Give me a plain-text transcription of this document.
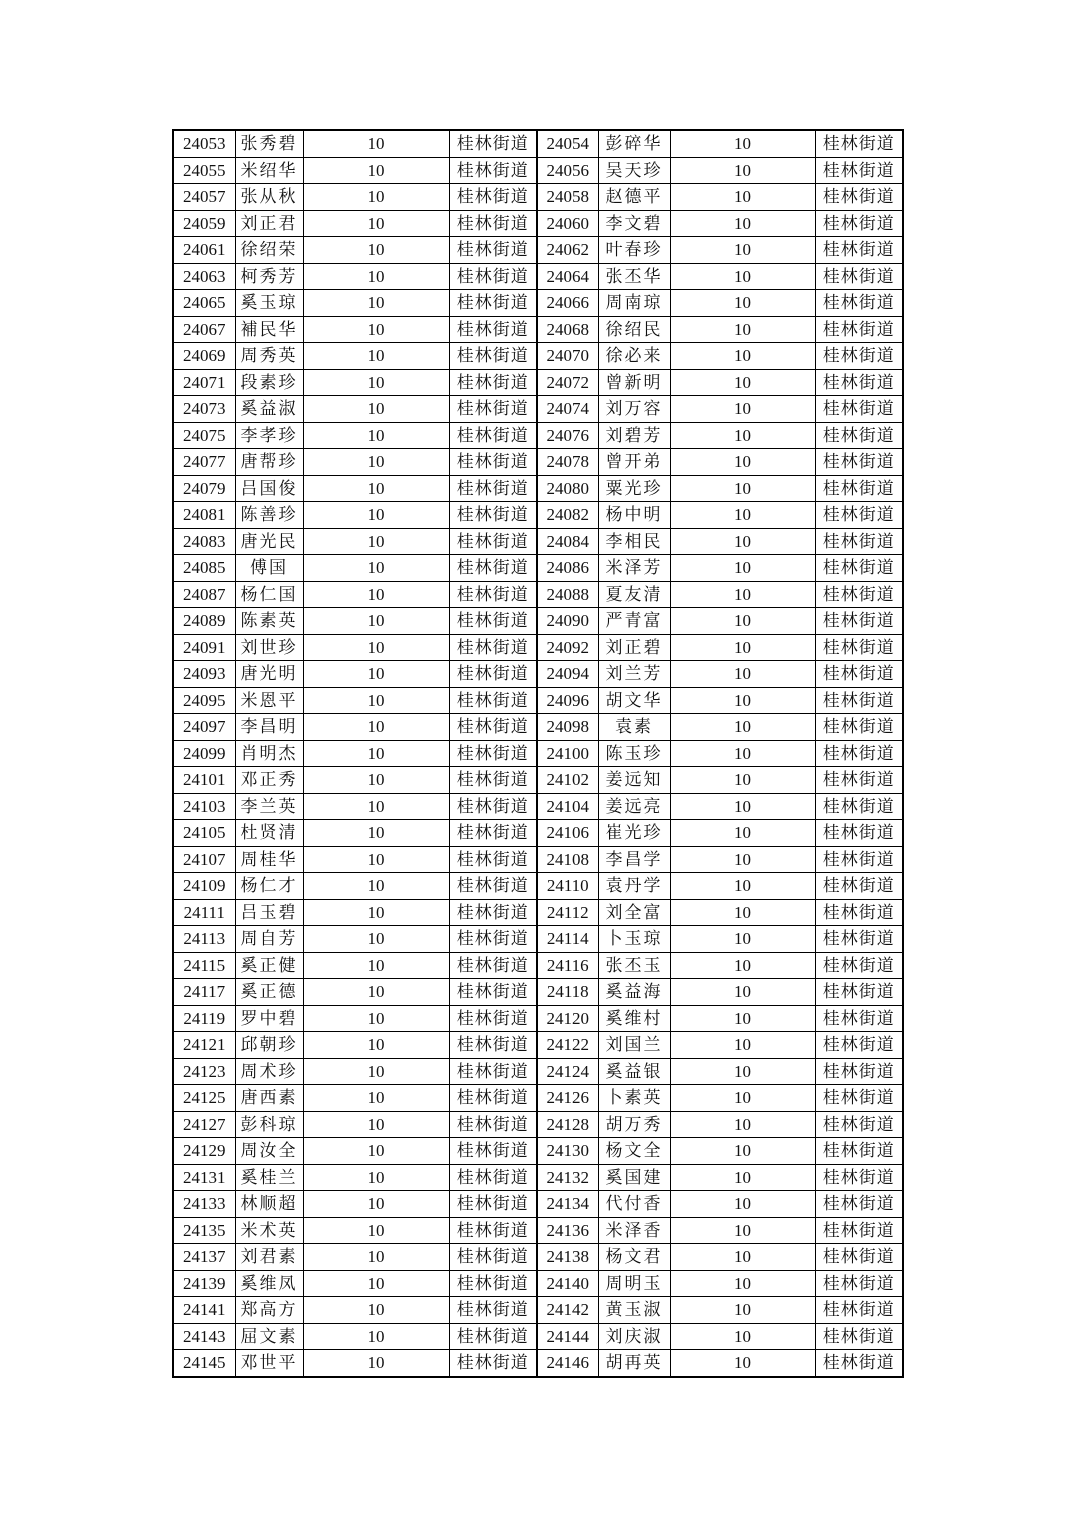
24053	张秀碧	10	桂林街道	24054	彭碎华	10	桂林街道
24055	米绍华	10	桂林街道	24056	吴天珍	10	桂林街道
24057	张从秋	10	桂林街道	24058	赵德平	10	桂林街道
24059	刘正君	10	桂林街道	24060	李文碧	10	桂林街道
24061	徐绍荣	10	桂林街道	24062	叶春珍	10	桂林街道
24063	柯秀芳	10	桂林街道	24064	张丕华	10	桂林街道
24065	奚玉琼	10	桂林街道	24066	周南琼	10	桂林街道
24067	補民华	10	桂林街道	24068	徐绍民	10	桂林街道
24069	周秀英	10	桂林街道	24070	徐必来	10	桂林街道
24071	段素珍	10	桂林街道	24072	曾新明	10	桂林街道
24073	奚益淑	10	桂林街道	24074	刘万容	10	桂林街道
24075	李孝珍	10	桂林街道	24076	刘碧芳	10	桂林街道
24077	唐帮珍	10	桂林街道	24078	曾开弟	10	桂林街道
24079	吕国俊	10	桂林街道	24080	粟光珍	10	桂林街道
24081	陈善珍	10	桂林街道	24082	杨中明	10	桂林街道
24083	唐光民	10	桂林街道	24084	李相民	10	桂林街道
24085	傅国	10	桂林街道	24086	米泽芳	10	桂林街道
24087	杨仁国	10	桂林街道	24088	夏友清	10	桂林街道
24089	陈素英	10	桂林街道	24090	严青富	10	桂林街道
24091	刘世珍	10	桂林街道	24092	刘正碧	10	桂林街道
24093	唐光明	10	桂林街道	24094	刘兰芳	10	桂林街道
24095	米恩平	10	桂林街道	24096	胡文华	10	桂林街道
24097	李昌明	10	桂林街道	24098	袁素	10	桂林街道
24099	肖明杰	10	桂林街道	24100	陈玉珍	10	桂林街道
24101	邓正秀	10	桂林街道	24102	姜远知	10	桂林街道
24103	李兰英	10	桂林街道	24104	姜远亮	10	桂林街道
24105	杜贤清	10	桂林街道	24106	崔光珍	10	桂林街道
24107	周桂华	10	桂林街道	24108	李昌学	10	桂林街道
24109	杨仁才	10	桂林街道	24110	袁丹学	10	桂林街道
24111	吕玉碧	10	桂林街道	24112	刘全富	10	桂林街道
24113	周自芳	10	桂林街道	24114	卜玉琼	10	桂林街道
24115	奚正健	10	桂林街道	24116	张丕玉	10	桂林街道
24117	奚正德	10	桂林街道	24118	奚益海	10	桂林街道
24119	罗中碧	10	桂林街道	24120	奚维村	10	桂林街道
24121	邱朝珍	10	桂林街道	24122	刘国兰	10	桂林街道
24123	周术珍	10	桂林街道	24124	奚益银	10	桂林街道
24125	唐西素	10	桂林街道	24126	卜素英	10	桂林街道
24127	彭科琼	10	桂林街道	24128	胡万秀	10	桂林街道
24129	周汝全	10	桂林街道	24130	杨文全	10	桂林街道
24131	奚桂兰	10	桂林街道	24132	奚国建	10	桂林街道
24133	林顺超	10	桂林街道	24134	代付香	10	桂林街道
24135	米术英	10	桂林街道	24136	米泽香	10	桂林街道
24137	刘君素	10	桂林街道	24138	杨文君	10	桂林街道
24139	奚维凤	10	桂林街道	24140	周明玉	10	桂林街道
24141	郑高方	10	桂林街道	24142	黄玉淑	10	桂林街道
24143	屈文素	10	桂林街道	24144	刘庆淑	10	桂林街道
24145	邓世平	10	桂林街道	24146	胡再英	10	桂林街道
